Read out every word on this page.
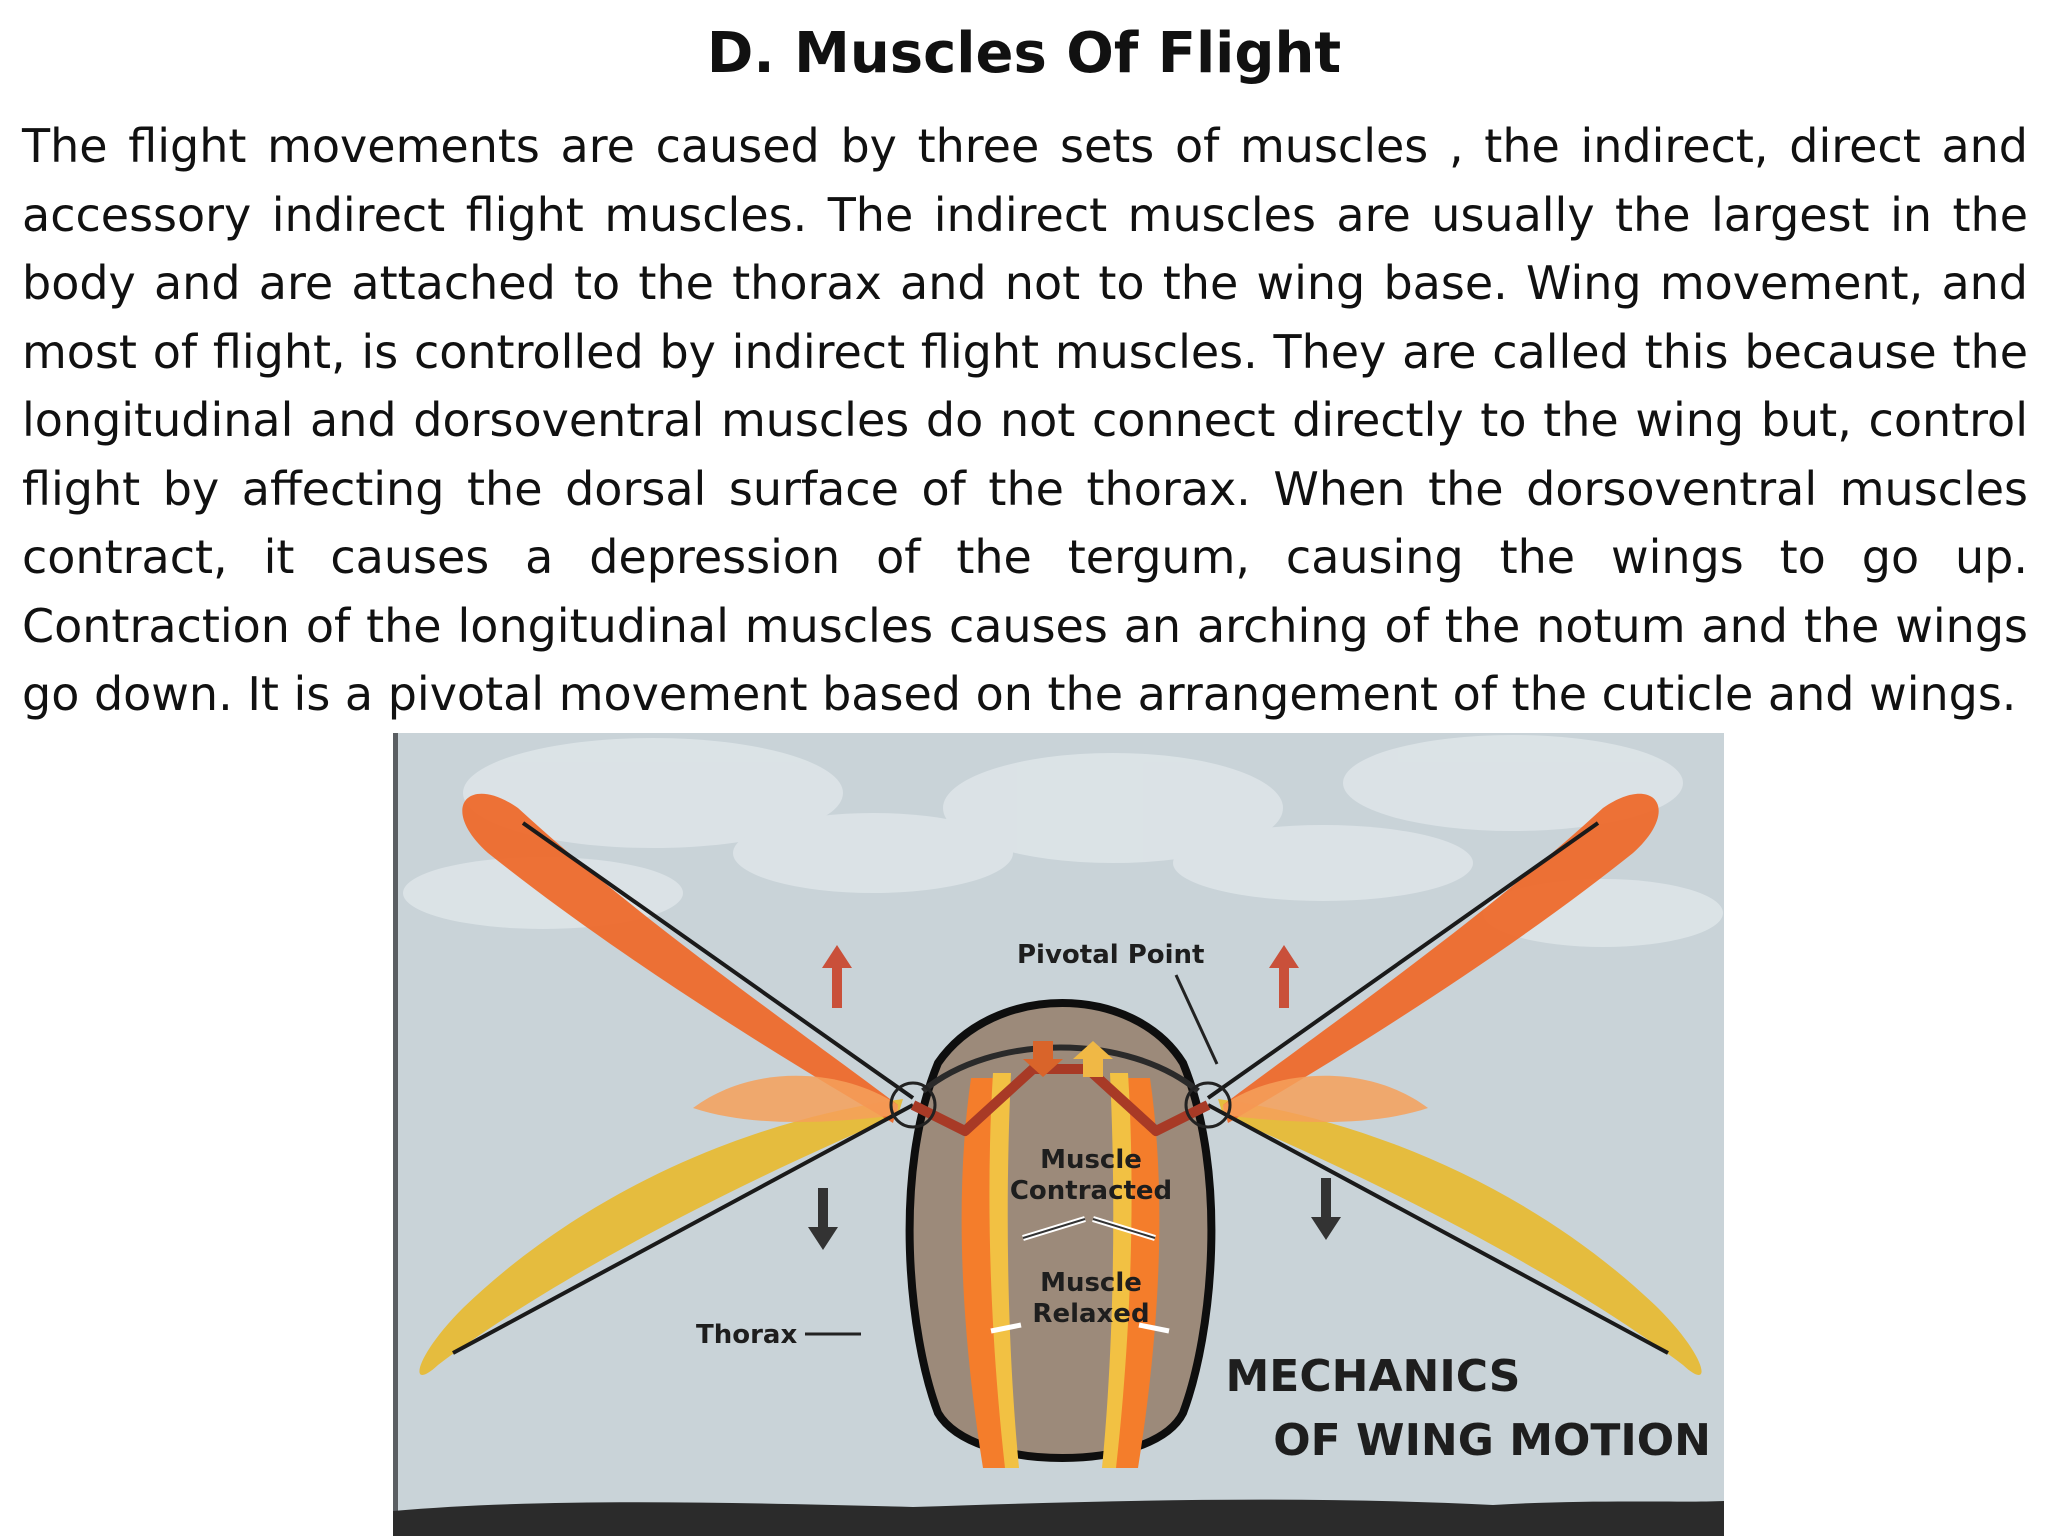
D. Muscles Of Flight

The flight movements are caused by three sets of muscles , the indirect, direct and accessory indirect flight muscles. The indirect muscles are usually the largest in the body and are attached to the thorax and not to the wing base. Wing movement, and most of flight, is controlled by indirect flight muscles. They are called this because the longitudinal and dorsoventral muscles do not connect directly to the wing but, control flight by affecting the dorsal surface of the thorax. When the dorsoventral muscles contract, it causes a depression of the tergum, causing the wings to go up. Contraction of the longitudinal muscles causes an arching of the notum and the wings go down. It is a pivotal movement based on the arrangement of the cuticle and wings.

Pivotal Point
Muscle
Contracted
Muscle
Relaxed
Thorax
MECHANICS
OF WING MOTION
